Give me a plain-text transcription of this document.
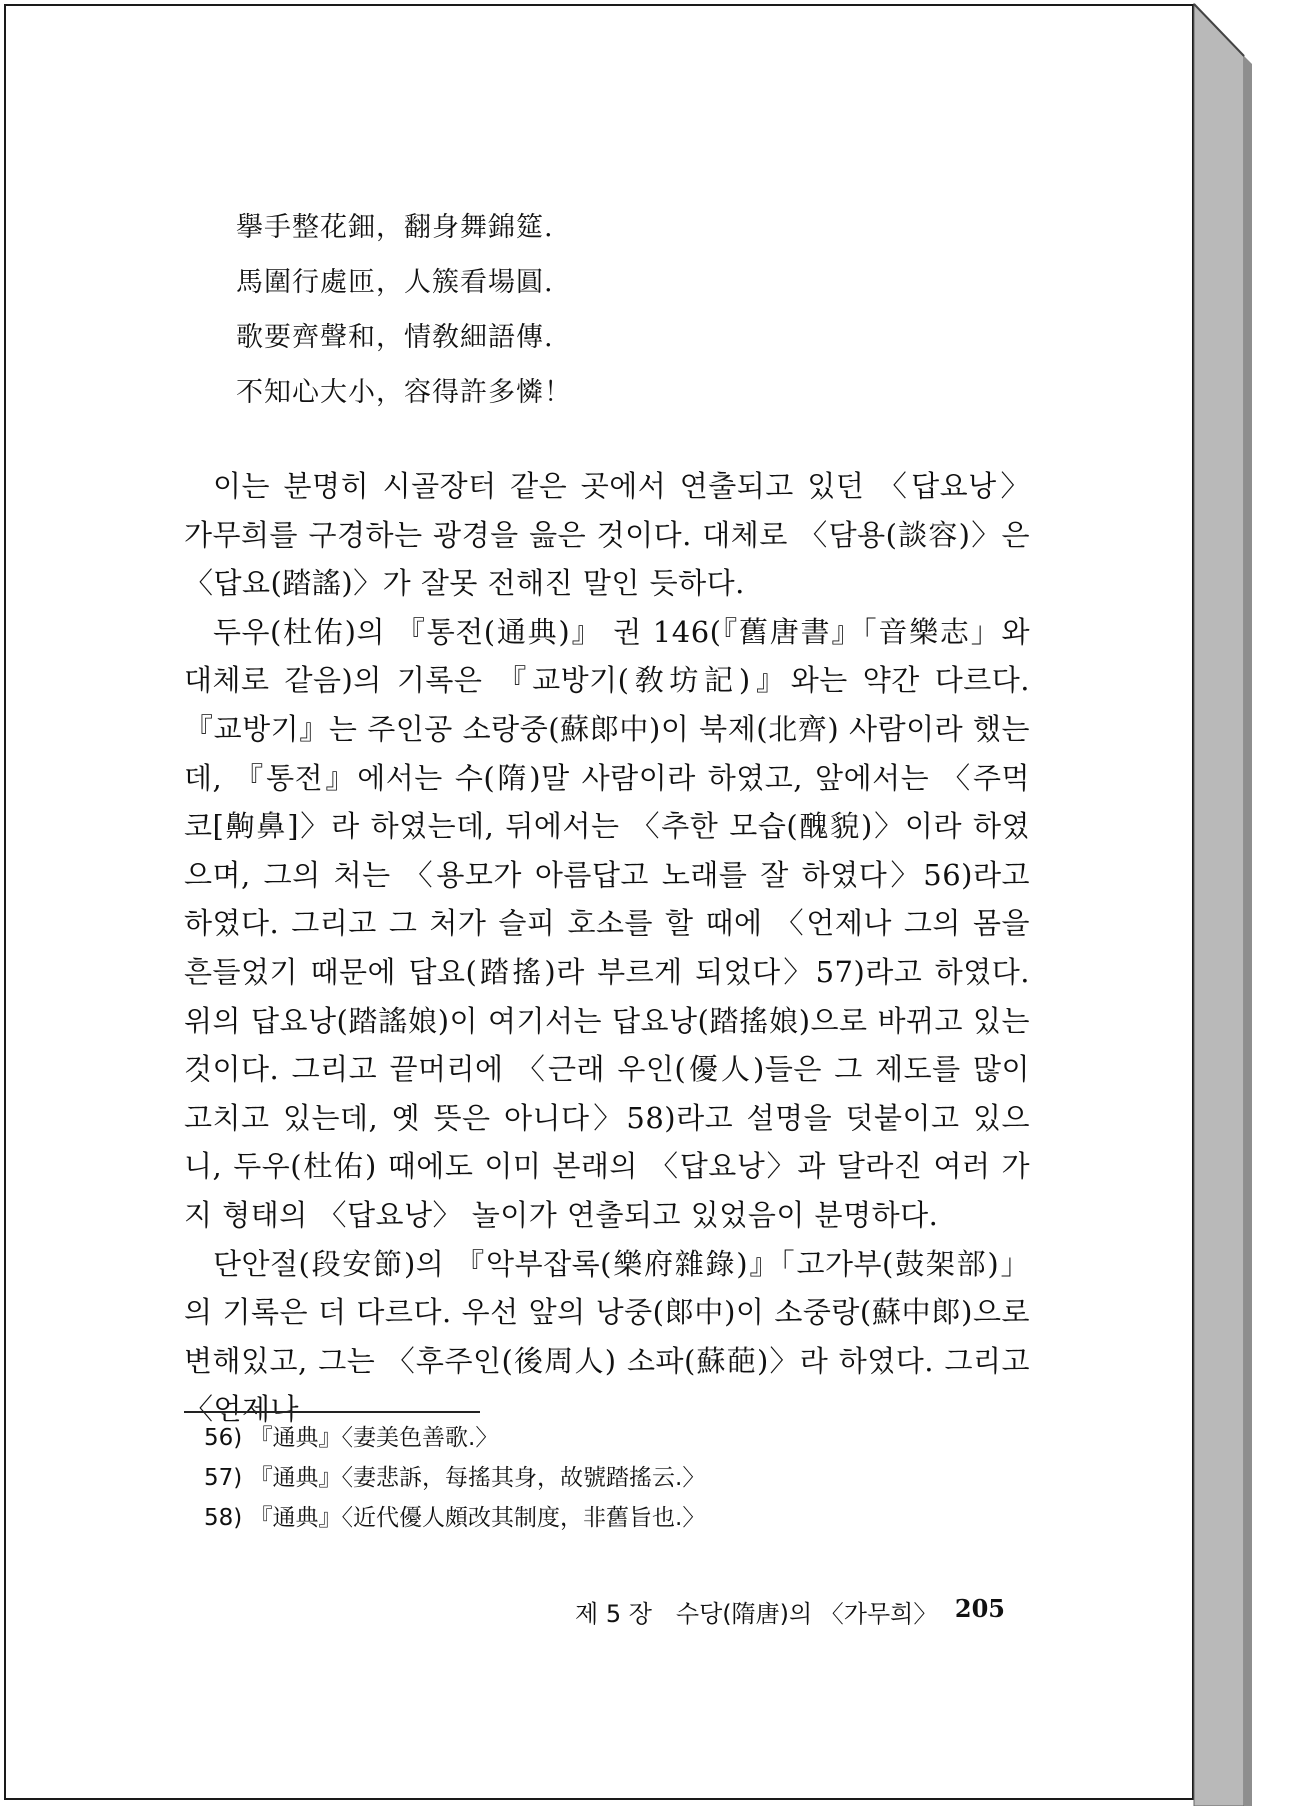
擧手整花鈿，翻身舞錦筵.
馬圍行處匝，人簇看場圓.
歌要齊聲和，情敎細語傳.
不知心大小，容得許多憐！

이는 분명히 시골장터 같은 곳에서 연출되고 있던 〈답요낭〉 가무희를 구경하는 광경을 읊은 것이다. 대체로 〈담용(談容)〉은 〈답요(踏謠)〉가 잘못 전해진 말인 듯하다.

두우(杜佑)의 『통전(通典)』 권 146(『舊唐書』「音樂志」와 대체로 같음)의 기록은 『교방기(敎坊記)』와는 약간 다르다. 『교방기』는 주인공 소랑중(蘇郞中)이 북제(北齊) 사람이라 했는데, 『통전』에서는 수(隋)말 사람이라 하였고, 앞에서는 〈주먹코[齁鼻]〉라 하였는데, 뒤에서는 〈추한 모습(醜貌)〉이라 하였으며, 그의 처는 〈용모가 아름답고 노래를 잘 하였다〉56)라고 하였다. 그리고 그 처가 슬피 호소를 할 때에 〈언제나 그의 몸을 흔들었기 때문에 답요(踏搖)라 부르게 되었다〉57)라고 하였다. 위의 답요낭(踏謠娘)이 여기서는 답요낭(踏搖娘)으로 바뀌고 있는 것이다. 그리고 끝머리에 〈근래 우인(優人)들은 그 제도를 많이 고치고 있는데, 옛 뜻은 아니다〉58)라고 설명을 덧붙이고 있으니, 두우(杜佑) 때에도 이미 본래의 〈답요낭〉과 달라진 여러 가지 형태의 〈답요낭〉 놀이가 연출되고 있었음이 분명하다.

단안절(段安節)의 『악부잡록(樂府雜錄)』「고가부(鼓架部)」의 기록은 더 다르다. 우선 앞의 낭중(郞中)이 소중랑(蘇中郞)으로 변해있고, 그는 〈후주인(後周人) 소파(蘇葩)〉라 하였다. 그리고 〈언제나

56) 『通典』〈妻美色善歌.〉
57) 『通典』〈妻悲訴，每搖其身，故號踏搖云.〉
58) 『通典』〈近代優人頗改其制度，非舊旨也.〉
제 5 장　수당(隋唐)의 〈가무희〉 205
